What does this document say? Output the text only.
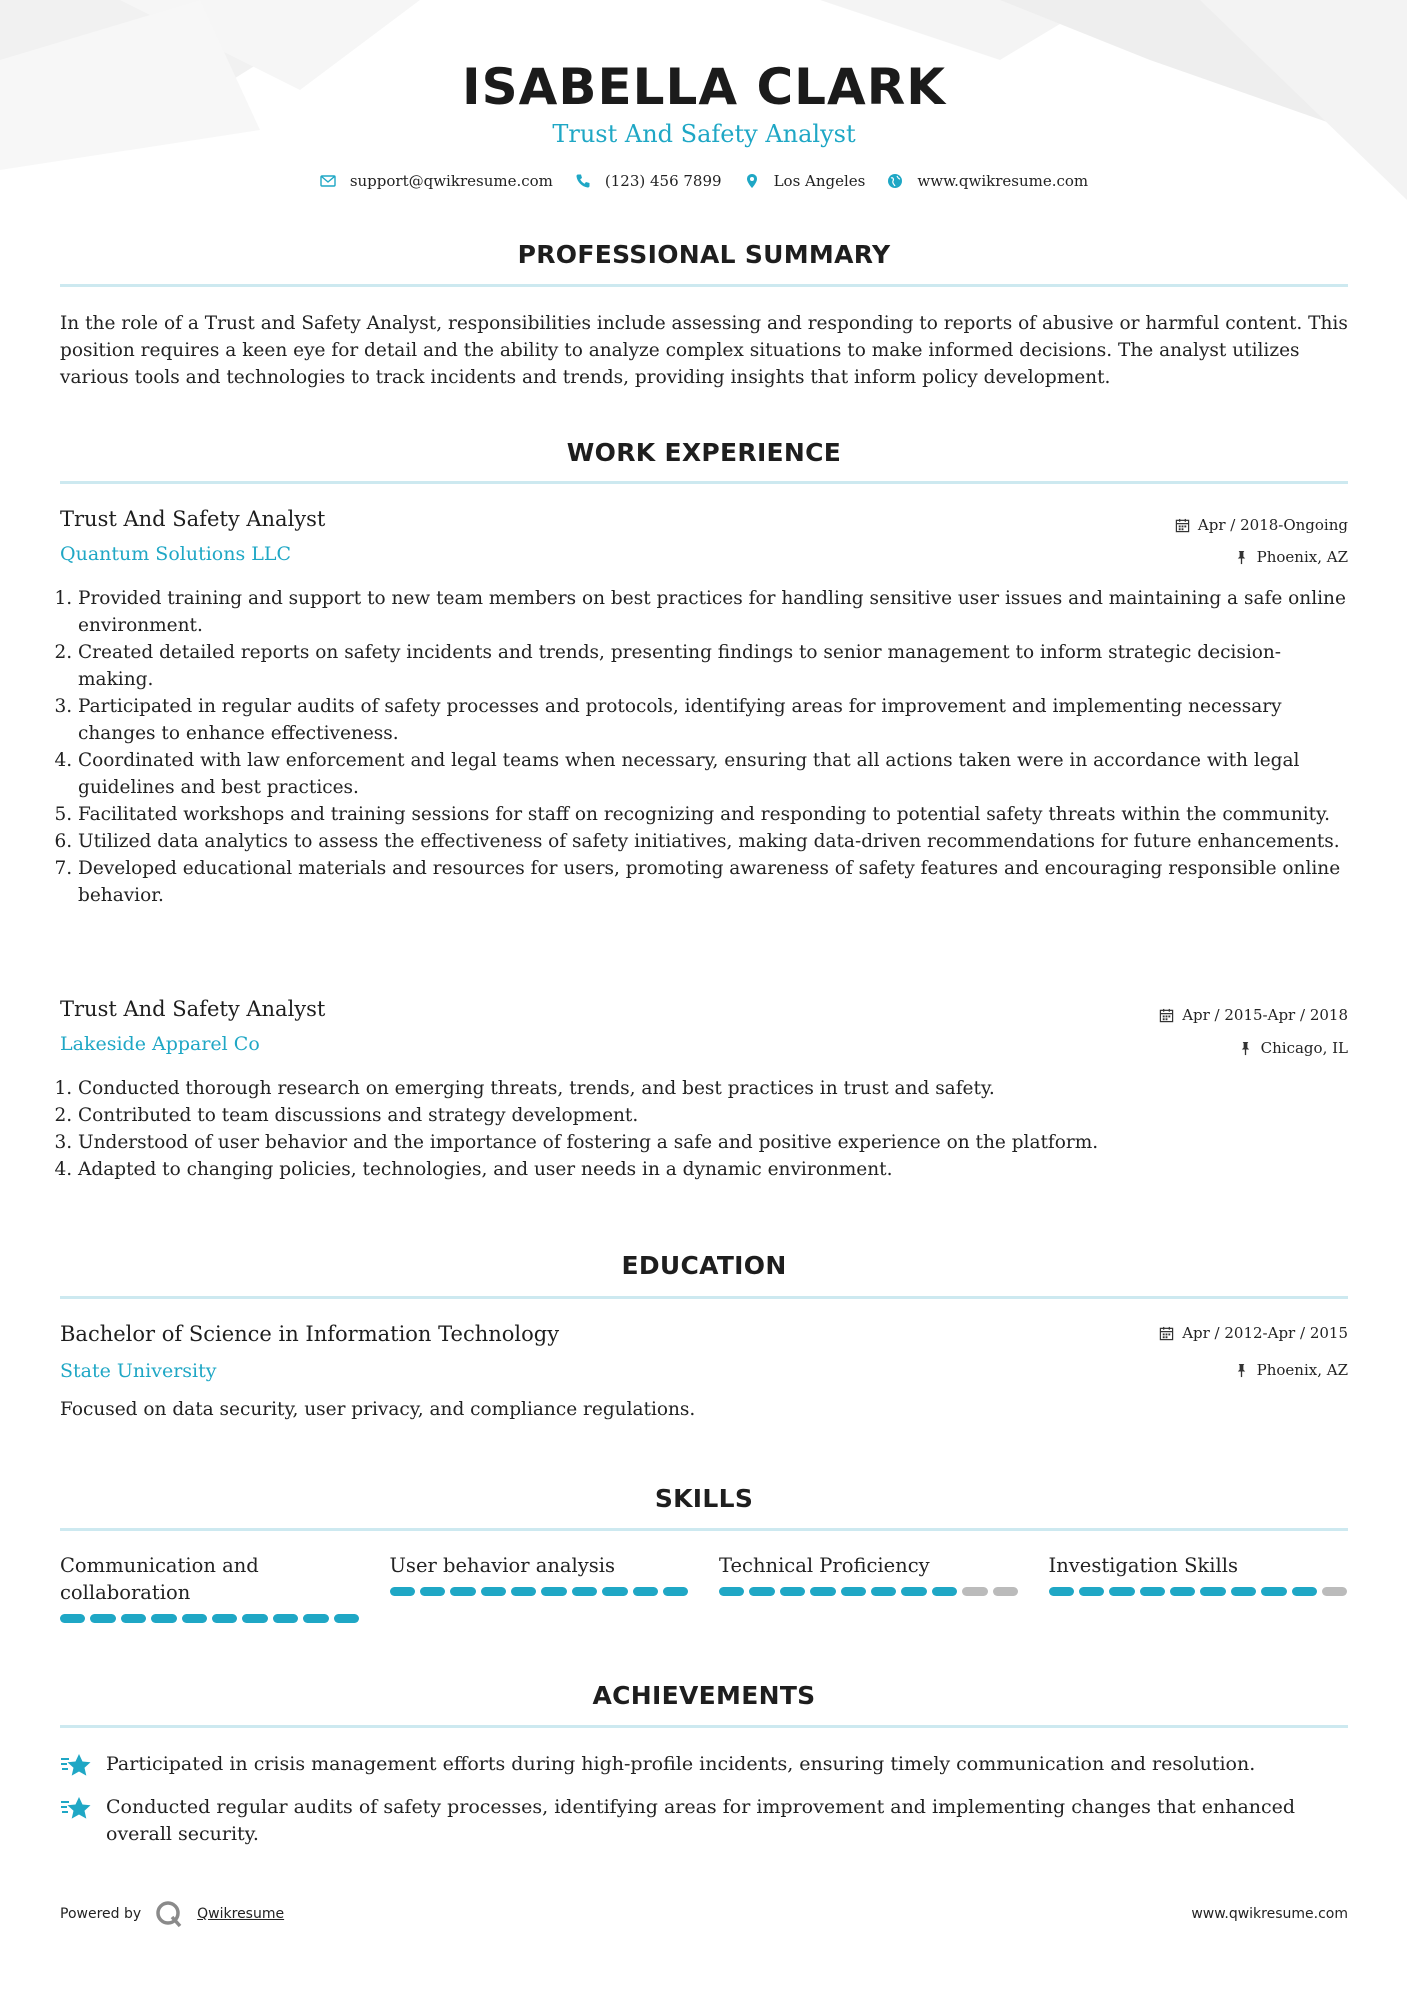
ISABELLA CLARK
Trust And Safety Analyst
support@qwikresume.com	(123) 456 7899	Los Angeles	www.qwikresume.com
PROFESSIONAL SUMMARY
In the role of a Trust and Safety Analyst, responsibilities include assessing and responding to reports of abusive or harmful content. This position requires a keen eye for detail and the ability to analyze complex situations to make informed decisions. The analyst utilizes various tools and technologies to track incidents and trends, providing insights that inform policy development.
WORK EXPERIENCE
Trust And Safety Analyst
Quantum Solutions LLC
Apr / 2018-Ongoing
Phoenix, AZ
1. Provided training and support to new team members on best practices for handling sensitive user issues and maintaining a safe online environment.
2. Created detailed reports on safety incidents and trends, presenting findings to senior management to inform strategic decision-making.
3. Participated in regular audits of safety processes and protocols, identifying areas for improvement and implementing necessary changes to enhance effectiveness.
4. Coordinated with law enforcement and legal teams when necessary, ensuring that all actions taken were in accordance with legal guidelines and best practices.
5. Facilitated workshops and training sessions for staff on recognizing and responding to potential safety threats within the community.
6. Utilized data analytics to assess the effectiveness of safety initiatives, making data-driven recommendations for future enhancements.
7. Developed educational materials and resources for users, promoting awareness of safety features and encouraging responsible online behavior.
Trust And Safety Analyst
Lakeside Apparel Co
Apr / 2015-Apr / 2018
Chicago, IL
1. Conducted thorough research on emerging threats, trends, and best practices in trust and safety.
2. Contributed to team discussions and strategy development.
3. Understood of user behavior and the importance of fostering a safe and positive experience on the platform.
4. Adapted to changing policies, technologies, and user needs in a dynamic environment.
EDUCATION
Bachelor of Science in Information Technology
State University
Apr / 2012-Apr / 2015
Phoenix, AZ
Focused on data security, user privacy, and compliance regulations.
SKILLS
Communication and collaboration
User behavior analysis	Technical Proficiency	Investigation Skills
ACHIEVEMENTS
Participated in crisis management efforts during high-profile incidents, ensuring timely communication and resolution.
Conducted regular audits of safety processes, identifying areas for improvement and implementing changes that enhanced overall security.
Powered by	Qwikresume	www.qwikresume.com
